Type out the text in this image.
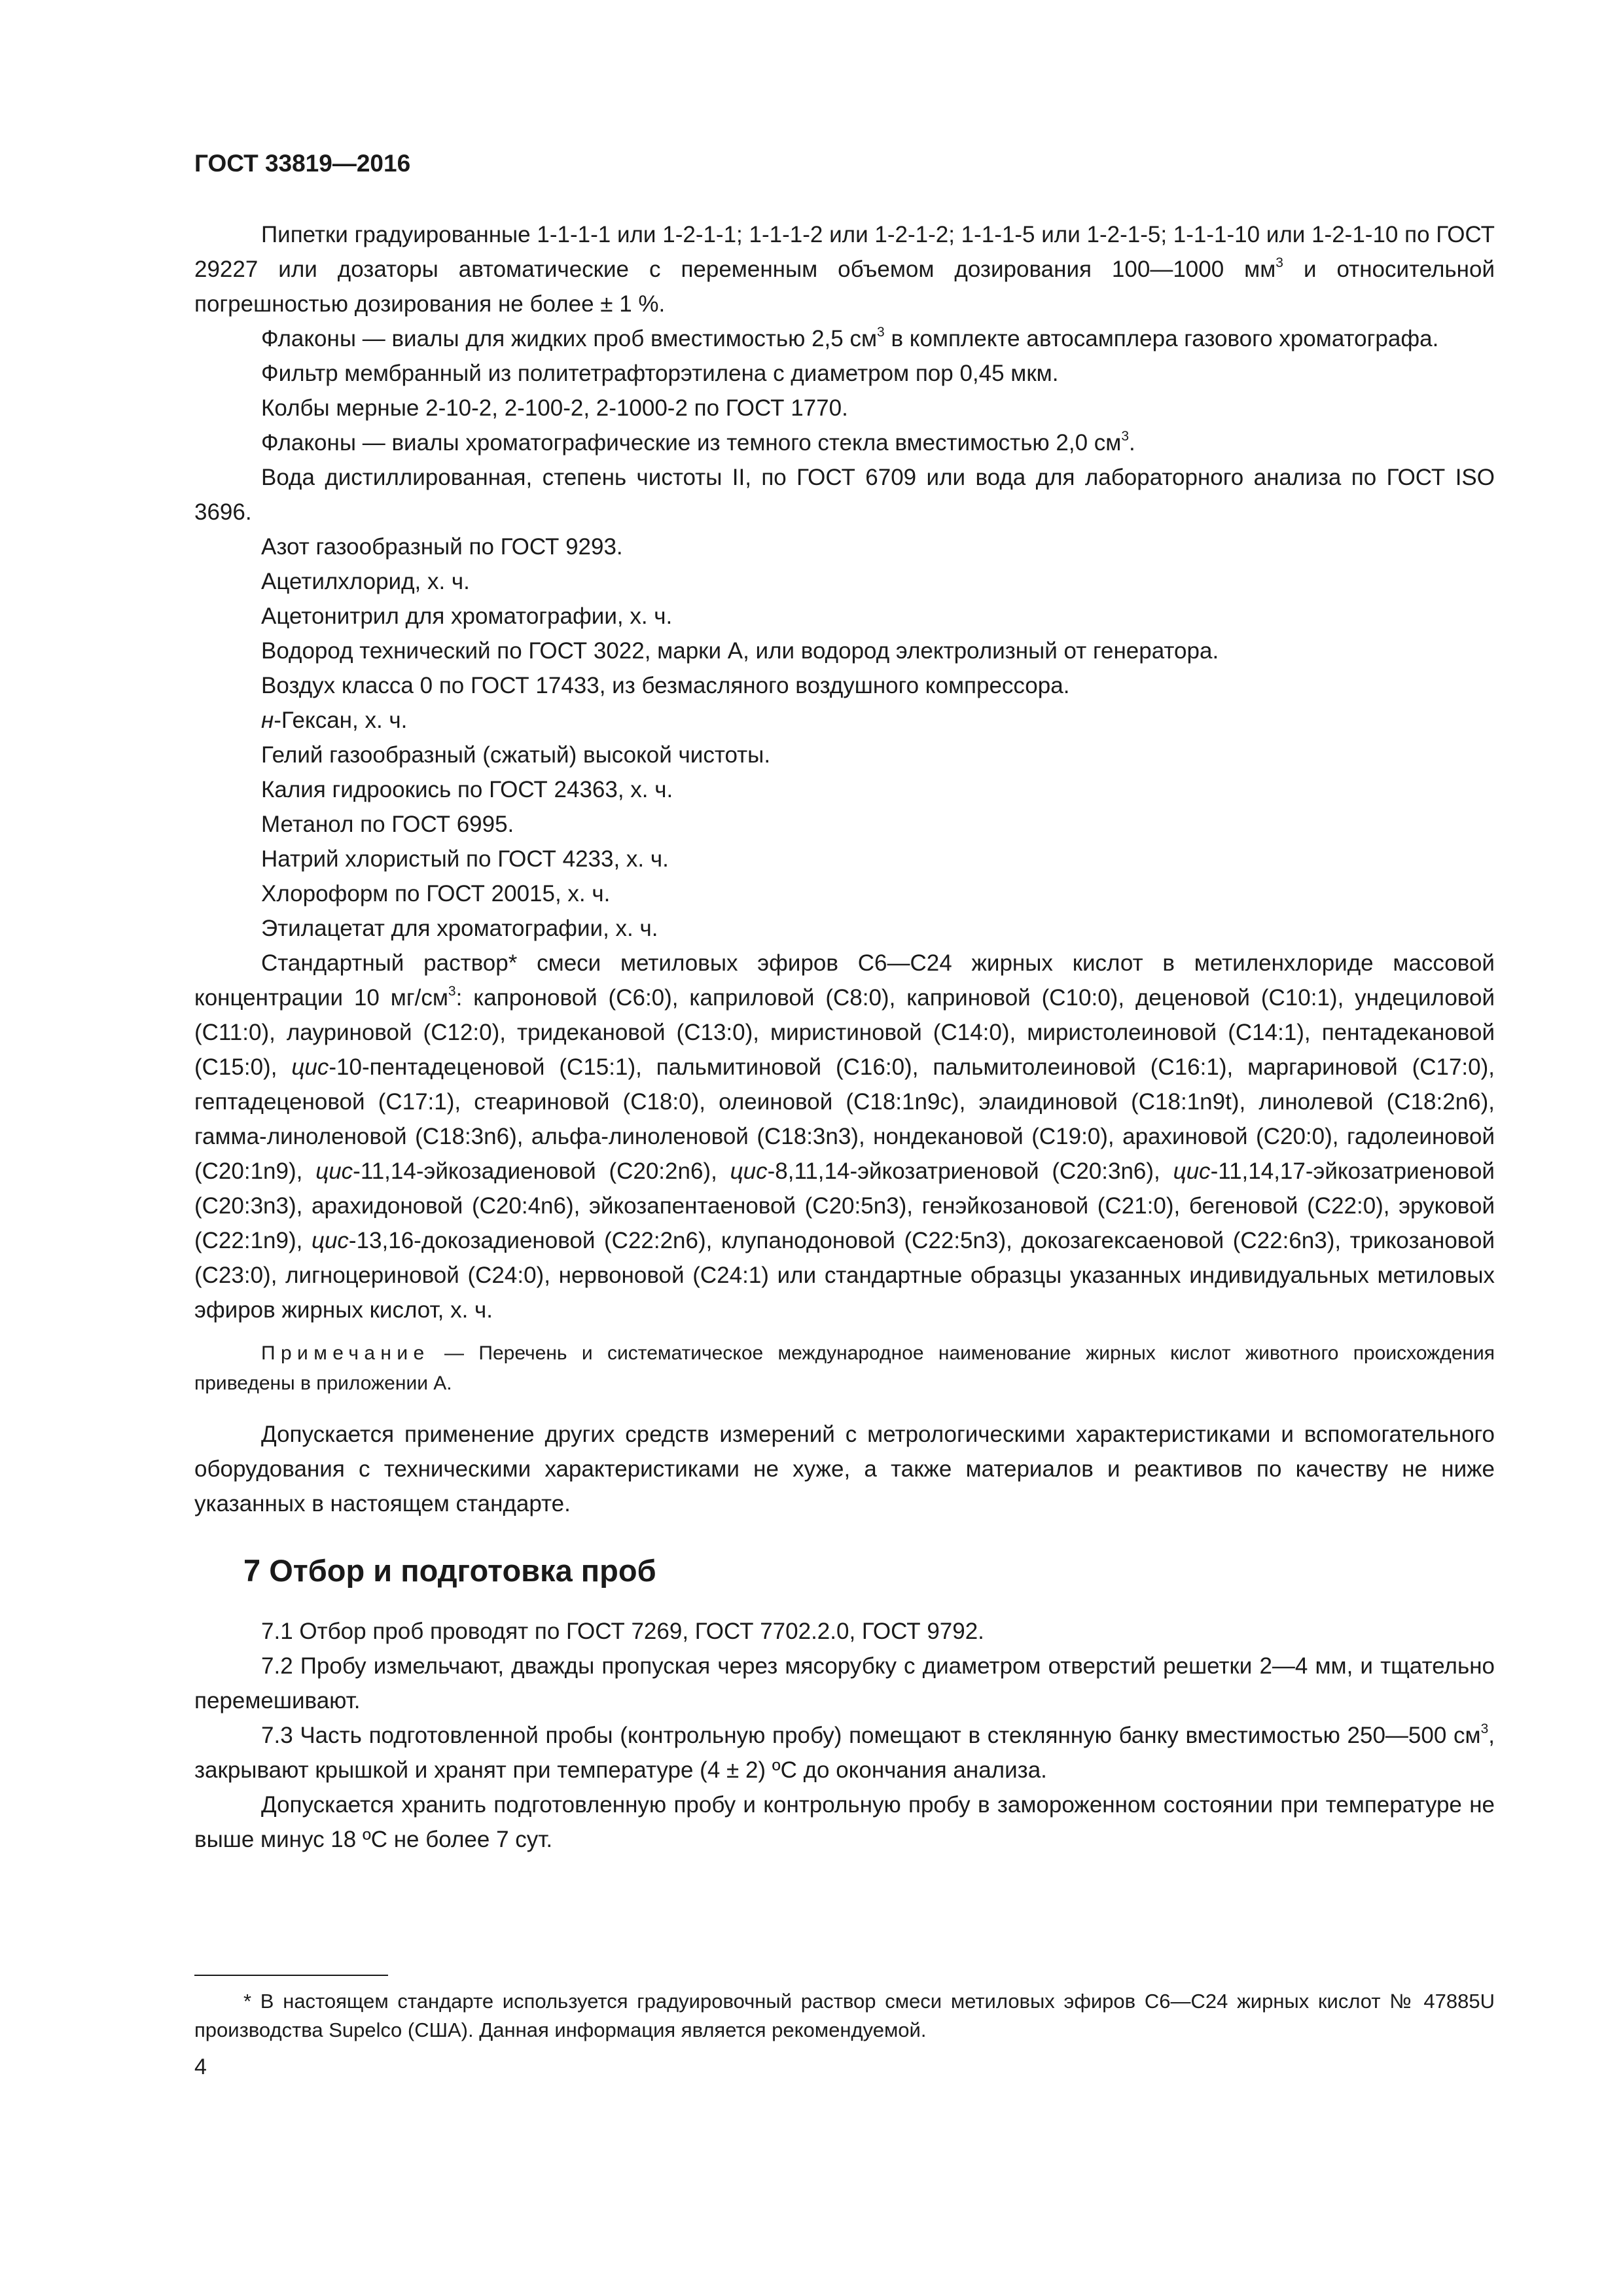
ГОСТ 33819—2016

Пипетки градуированные 1-1-1-1 или 1-2-1-1; 1-1-1-2 или 1-2-1-2; 1-1-1-5 или 1-2-1-5; 1-1-1-10 или 1-2-1-10 по ГОСТ 29227 или дозаторы автоматические с переменным объемом дозирования 100—1000 $мм^3$ и относительной погрешностью дозирования не более ± 1 %.

Флаконы — виалы для жидких проб вместимостью 2,5 $см^3$ в комплекте автосамплера газового хроматографа.

Фильтр мембранный из политетрафторэтилена с диаметром пор 0,45 мкм.

Колбы мерные 2-10-2, 2-100-2, 2-1000-2 по ГОСТ 1770.

Флаконы — виалы хроматографические из темного стекла вместимостью 2,0 $см^3$.

Вода дистиллированная, степень чистоты II, по ГОСТ 6709 или вода для лабораторного анализа по ГОСТ ISO 3696.

Азот газообразный по ГОСТ 9293.

Ацетилхлорид, х. ч.

Ацетонитрил для хроматографии, х. ч.

Водород технический по ГОСТ 3022, марки А, или водород электролизный от генератора.

Воздух класса 0 по ГОСТ 17433, из безмасляного воздушного компрессора.

н-Гексан, х. ч.

Гелий газообразный (сжатый) высокой чистоты.

Калия гидроокись по ГОСТ 24363, х. ч.

Метанол по ГОСТ 6995.

Натрий хлористый по ГОСТ 4233, х. ч.

Хлороформ по ГОСТ 20015, х. ч.

Этилацетат для хроматографии, х. ч.

Стандартный раствор* смеси метиловых эфиров С6—С24 жирных кислот в метиленхлориде массовой концентрации 10 $мг/см^3$: капроновой (С6:0), каприловой (С8:0), каприновой (С10:0), деценовой (С10:1), ундециловой (С11:0), лауриновой (С12:0), тридекановой (С13:0), миристиновой (С14:0), миристолеиновой (С14:1), пентадекановой (С15:0), цис-10-пентадеценовой (С15:1), пальмитиновой (С16:0), пальмитолеиновой (С16:1), маргариновой (С17:0), гептадеценовой (С17:1), стеариновой (С18:0), олеиновой (С18:1n9с), элаидиновой (С18:1n9t), линолевой (С18:2n6), гамма-линоленовой (С18:3n6), альфа-линоленовой (С18:3n3), нондекановой (С19:0), арахиновой (С20:0), гадолеиновой (С20:1n9), цис-11,14-эйкозадиеновой (С20:2n6), цис-8,11,14-эйкозатриеновой (С20:3n6), цис-11,14,17-эйкозатриеновой (С20:3n3), арахидоновой (С20:4n6), эйкозапентаеновой (С20:5n3), генэйкозановой (С21:0), бегеновой (С22:0), эруковой (С22:1n9), цис-13,16-докозадиеновой (С22:2n6), клупанодоновой (С22:5n3), докозагексаеновой (С22:6n3), трикозановой (С23:0), лигноцериновой (С24:0), нервоновой (С24:1) или стандартные образцы указанных индивидуальных метиловых эфиров жирных кислот, х. ч.

Примечание — Перечень и систематическое международное наименование жирных кислот животного происхождения приведены в приложении А.

Допускается применение других средств измерений с метрологическими характеристиками и вспомогательного оборудования с техническими характеристиками не хуже, а также материалов и реактивов по качеству не ниже указанных в настоящем стандарте.

7 Отбор и подготовка проб

7.1 Отбор проб проводят по ГОСТ 7269, ГОСТ 7702.2.0, ГОСТ 9792.

7.2 Пробу измельчают, дважды пропуская через мясорубку с диаметром отверстий решетки 2—4 мм, и тщательно перемешивают.

7.3 Часть подготовленной пробы (контрольную пробу) помещают в стеклянную банку вместимостью 250—500 $см^3$, закрывают крышкой и хранят при температуре (4 ± 2) ºС до окончания анализа.

Допускается хранить подготовленную пробу и контрольную пробу в замороженном состоянии при температуре не выше минус 18 ºС не более 7 сут.

* В настоящем стандарте используется градуировочный раствор смеси метиловых эфиров С6—С24 жирных кислот № 47885U производства Supelco (США). Данная информация является рекомендуемой.
4
